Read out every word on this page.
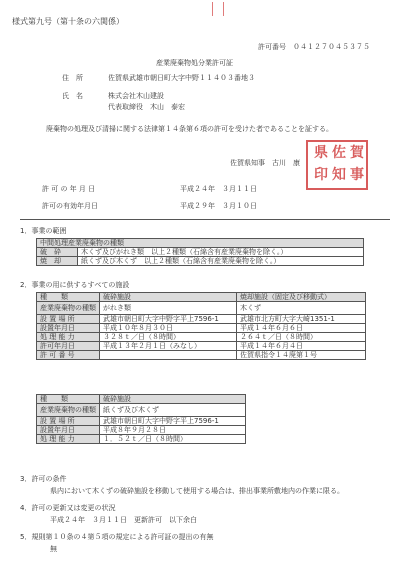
様式第九号（第十条の六関係）
許可番号　０４１２７０４５３７５
産業廃棄物処分業許可証
住　所	佐賀県武雄市朝日町大字中野１１４０３番地３
氏　名	株式会社木山建設
代表取締役　木山　泰宏
廃棄物の処理及び清掃に関する法律第１４条第６項の許可を受けた者であることを証する。
佐賀県知事　古川　康
県
印
佐
知
賀
事
許 可 の 年 月 日	平成２４年　３月１１日
許可の有効年月日	平成２９年　３月１０日
1．事業の範囲
中間処理産業廃棄物の種類	
破　砕	木くず及びがれき類　以上２種類（石綿含有産業廃棄物を除く。）
焼　却	紙くず及び木くず　以上２種類（石綿含有産業廃棄物を除く。）
2．事業の用に供するすべての施設
種　　類	破砕施設	焼却施設（固定及び移動式）
産業廃棄物の種類	がれき類	木くず
設 置 場 所	武雄市朝日町大字中野字平上7596-1	武雄市北方町大字大崎1351-1
設置年月日	平成１０年８月３０日	平成１４年６月６日
処 理 能 力	３２８ｔ／日（８時間）	２６４ｔ／日（８時間）
許可年月日	平成１３年２月１日（みなし）	平成１４年６月４日
許 可 番 号		佐賀県指令１４廃第１号
種　　類	破砕施設
産業廃棄物の種類	紙くず及び木くず
設 置 場 所	武雄市朝日町大字中野字平上7596-1
設置年月日	平成８年９月２８日
処 理 能 力	１．５２ｔ／日（８時間）
3．許可の条件
県内において木くずの破砕施設を移動して使用する場合は、排出事業所敷地内の作業に限る。
4．許可の更新又は変更の状況
平成２４年　３月１１日　更新許可　以下余白
5．規則第１０条の４第５項の規定による許可証の提出の有無
無
